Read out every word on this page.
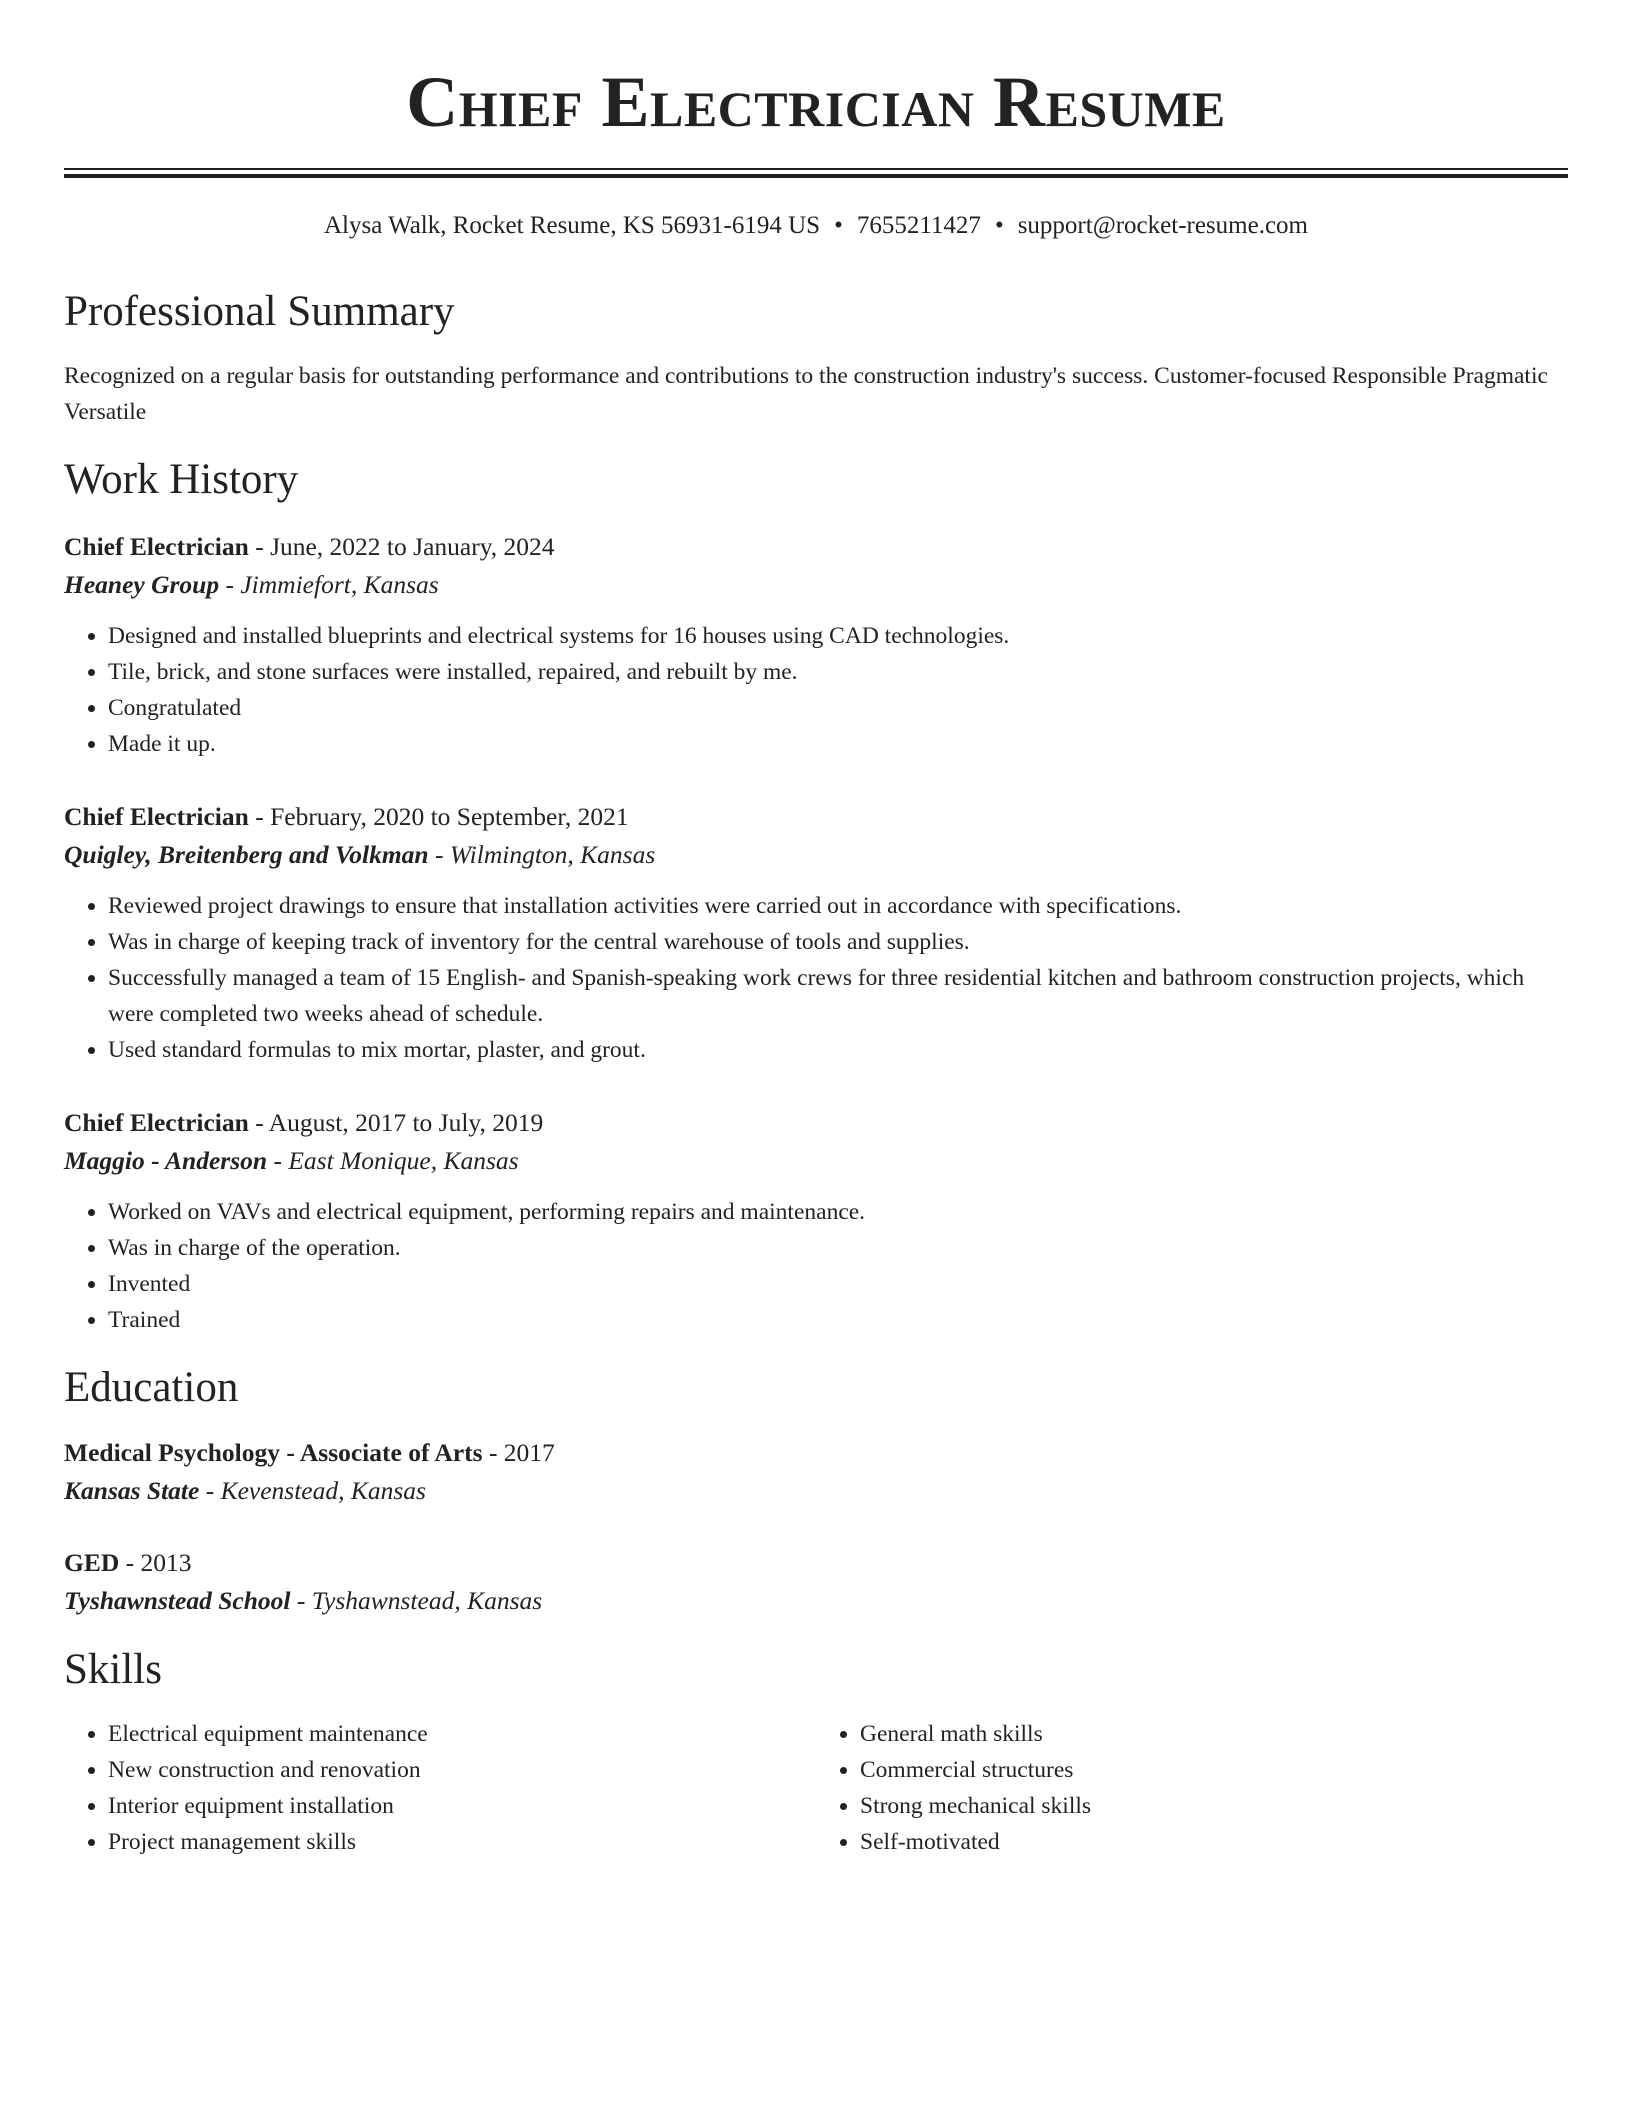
Chief Electrician Resume
Alysa Walk, Rocket Resume, KS 56931-6194 US • 7655211427 • support@rocket-resume.com
Professional Summary
Recognized on a regular basis for outstanding performance and contributions to the construction industry's success. Customer-focused Responsible Pragmatic Versatile
Work History
Chief Electrician - June, 2022 to January, 2024
Heaney Group - Jimmiefort, Kansas
• Designed and installed blueprints and electrical systems for 16 houses using CAD technologies.
• Tile, brick, and stone surfaces were installed, repaired, and rebuilt by me.
• Congratulated
• Made it up.
Chief Electrician - February, 2020 to September, 2021
Quigley, Breitenberg and Volkman - Wilmington, Kansas
• Reviewed project drawings to ensure that installation activities were carried out in accordance with specifications.
• Was in charge of keeping track of inventory for the central warehouse of tools and supplies.
• Successfully managed a team of 15 English- and Spanish-speaking work crews for three residential kitchen and bathroom construction projects, which were completed two weeks ahead of schedule.
• Used standard formulas to mix mortar, plaster, and grout.
Chief Electrician - August, 2017 to July, 2019
Maggio - Anderson - East Monique, Kansas
• Worked on VAVs and electrical equipment, performing repairs and maintenance.
• Was in charge of the operation.
• Invented
• Trained
Education
Medical Psychology - Associate of Arts - 2017
Kansas State - Kevenstead, Kansas
GED - 2013
Tyshawnstead School - Tyshawnstead, Kansas
Skills
• Electrical equipment maintenance
• New construction and renovation
• Interior equipment installation
• Project management skills
• General math skills
• Commercial structures
• Strong mechanical skills
• Self-motivated
